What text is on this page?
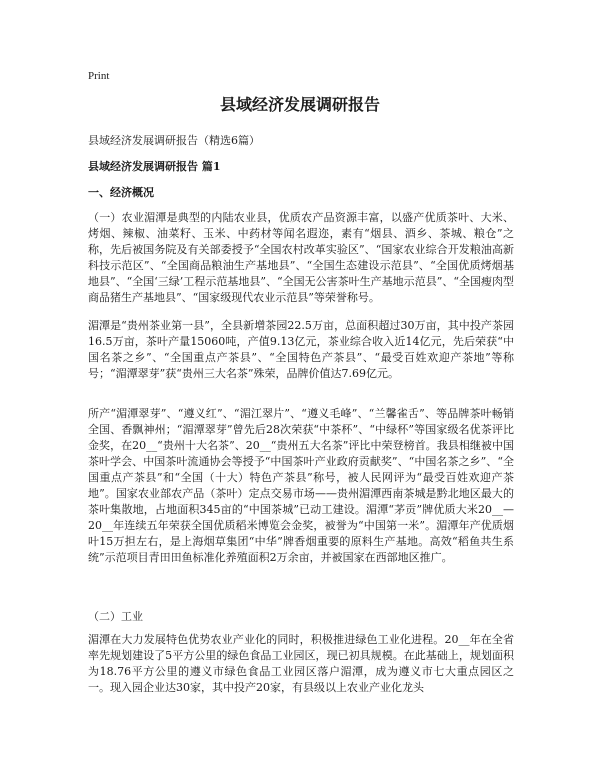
Print
县域经济发展调研报告
县域经济发展调研报告（精选6篇）
县域经济发展调研报告 篇1
一、经济概况

（一）农业湄潭是典型的内陆农业县，优质农产品资源丰富，以盛产优质茶叶、大米、烤烟、辣椒、油菜籽、玉米、中药材等闻名遐迩，素有“烟县、酒乡、茶城、粮仓”之称，先后被国务院及有关部委授予“全国农村改革实验区”、“国家农业综合开发粮油高新科技示范区”、“全国商品粮油生产基地县”、“全国生态建设示范县”、“全国优质烤烟基地县”、“全国‘三绿’工程示范基地县”、“全国无公害茶叶生产基地示范县”、“全国瘦肉型商品猪生产基地县”、“国家级现代农业示范县”等荣誉称号。

湄潭是“贵州茶业第一县”，全县新增茶园22.5万亩，总面积超过30万亩，其中投产茶园16.5万亩，茶叶产量15060吨，产值9.13亿元，茶业综合收入近14亿元，先后荣获“中国名茶之乡”、“全国重点产茶县”、“全国特色产茶县”、“最受百姓欢迎产茶地”等称号；“湄潭翠芽”获“贵州三大名茶”殊荣，品牌价值达7.69亿元。

所产“湄潭翠芽”、“遵义红”、“湄江翠片”、“遵义毛峰”、“兰馨雀舌”、等品牌茶叶畅销全国、香飘神州；“湄潭翠芽”曾先后28次荣获“中茶杯”、“中绿杯”等国家级名优茶评比金奖，在20__“贵州十大名茶”、20__“贵州五大名茶”评比中荣登榜首。我县相继被中国茶叶学会、中国茶叶流通协会等授予“中国茶叶产业政府贡献奖”、“中国名茶之乡”、“全国重点产茶县”和“全国（十大）特色产茶县”称号，被人民网评为“最受百姓欢迎产茶地”。国家农业部农产品（茶叶）定点交易市场——贵州湄潭西南茶城是黔北地区最大的茶叶集散地，占地面积345亩的“中国茶城”已动工建设。湄潭“茅贡”牌优质大米20__—20__年连续五年荣获全国优质稻米博览会金奖，被誉为“中国第一米”。湄潭年产优质烟叶15万担左右，是上海烟草集团“中华”牌香烟重要的原料生产基地。高效“稻鱼共生系统”示范项目青田田鱼标准化养殖面积2万余亩，并被国家在西部地区推广。

（二）工业

湄潭在大力发展特色优势农业产业化的同时，积极推进绿色工业化进程。20__年在全省率先规划建设了5平方公里的绿色食品工业园区，现已初具规模。在此基础上，规划面积为18.76平方公里的遵义市绿色食品工业园区落户湄潭，成为遵义市七大重点园区之一。现入园企业达30家，其中投产20家，有县级以上农业产业化龙头
